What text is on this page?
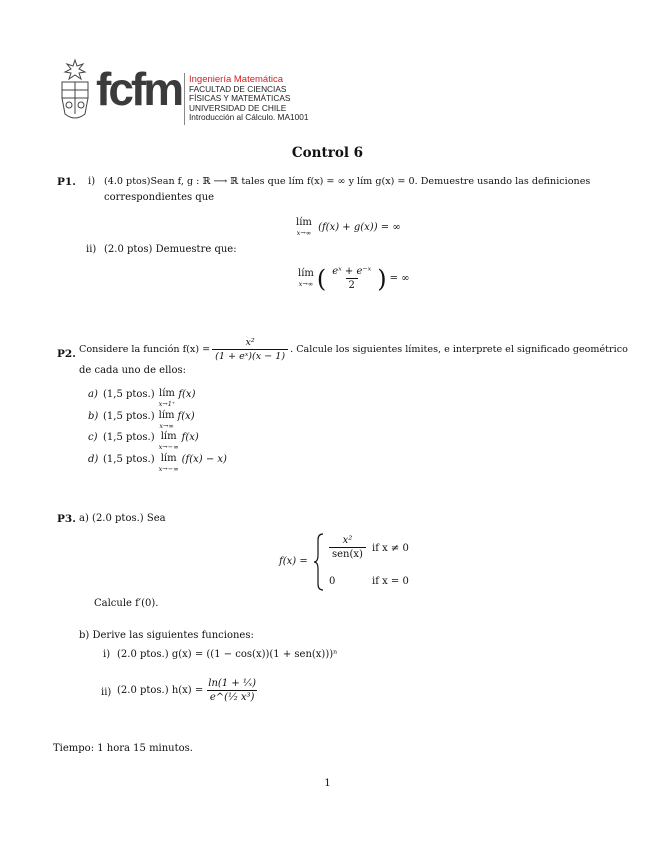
fcfm Ingeniería Matemática
FACULTAD DE CIENCIAS
FÍSICAS Y MATEMÁTICAS
UNIVERSIDAD DE CHILE
Introducción al Cálculo. MA1001
Control 6
P1. i) (4.0 ptos)Sean f, g : ℝ ⟶ ℝ tales que lím f(x) = ∞ y lím g(x) = 0. Demuestre usando las definiciones
correspondientes que
lím
x→∞
(f(x) + g(x)) = ∞
ii) (2.0 ptos) Demuestre que:
lím
x→∞ ( $\frac{\text{eˣ + e⁻ˣ}}{2}$ ) = ∞
P2. Considere la función $f(x) = \frac{\text{x²}}{\text{(1 + eˣ)(x − 1)}}$ . Calcule los siguientes límites, e interprete el significado geométrico
de cada uno de ellos:
a) (1,5 ptos.) lím
x→1⁺
f(x)
b) (1,5 ptos.) lím
x→∞
f(x)
c) (1,5 ptos.) lím
x→−∞
f(x)
d) (1,5 ptos.) lím
x→−∞
(f(x) − x)
P3. a) (2.0 ptos.) Sea
f(x) =
$\frac{\text{x²}}{\text{sen(x)}}$ if x ≠ 0
0	if x = 0
Calcule f′(0).
b) Derive las siguientes funciones:
i) (2.0 ptos.) g(x) = ((1 − cos(x))(1 + sen(x)))ⁿ
ii) (2.0 ptos.) $h(x) = \frac{\text{ln(1 + ¹⁄ₓ)}}{\text{e\textasciicircum{}(¹⁄₂ x³)}}$
Tiempo: 1 hora 15 minutos.
1
